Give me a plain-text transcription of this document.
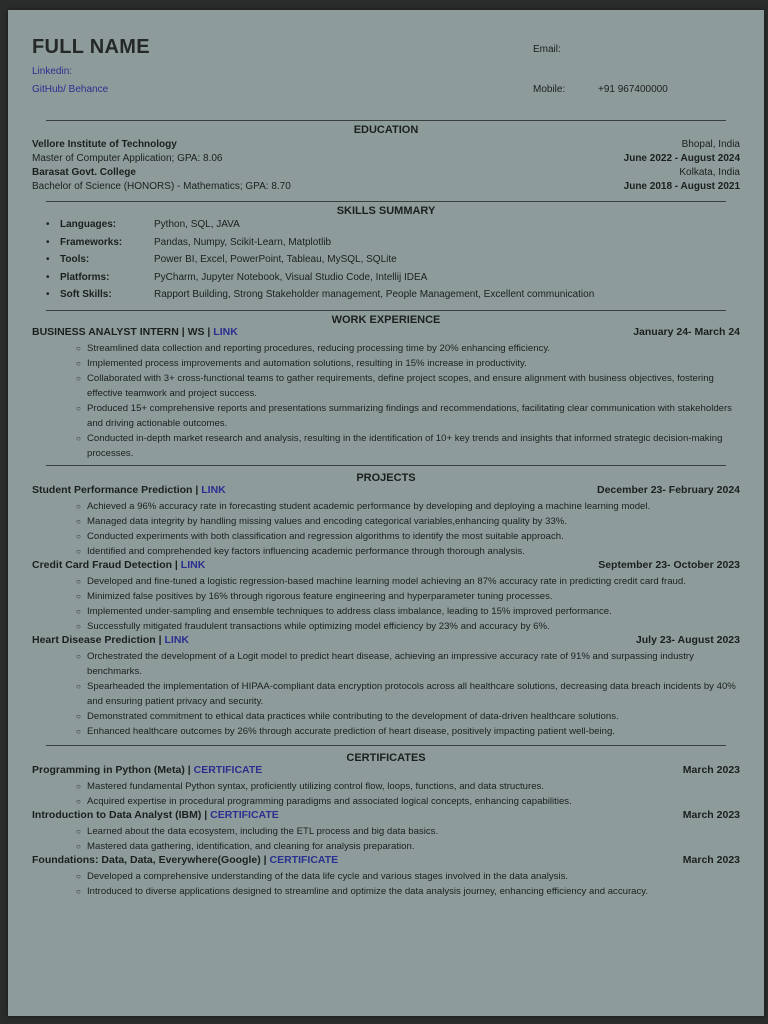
FULL NAME
Linkedin:
GitHub/ Behance
Email:
Mobile:	+91 967400000
EDUCATION
Vellore Institute of Technology	Bhopal, India
Master of Computer Application; GPA: 8.06	June 2022 - August 2024
Barasat Govt. College	Kolkata, India
Bachelor of Science (HONORS) - Mathematics; GPA: 8.70	June 2018 - August 2021
SKILLS SUMMARY
• Languages:	Python, SQL, JAVA
• Frameworks:	Pandas, Numpy, Scikit-Learn, Matplotlib
• Tools:	Power BI, Excel, PowerPoint, Tableau, MySQL, SQLite
• Platforms:	PyCharm, Jupyter Notebook, Visual Studio Code, Intellij IDEA
• Soft Skills:	Rapport Building, Strong Stakeholder management, People Management, Excellent communication
WORK EXPERIENCE
BUSINESS ANALYST INTERN | WS | LINK	January 24- March 24
○ Streamlined data collection and reporting procedures, reducing processing time by 20% enhancing efficiency.
○ Implemented process improvements and automation solutions, resulting in 15% increase in productivity.
○ Collaborated with 3+ cross-functional teams to gather requirements, define project scopes, and ensure alignment with business objectives, fostering effective teamwork and project success.
○ Produced 15+ comprehensive reports and presentations summarizing findings and recommendations, facilitating clear communication with stakeholders and driving actionable outcomes.
○ Conducted in-depth market research and analysis, resulting in the identification of 10+ key trends and insights that informed strategic decision-making processes.
PROJECTS
Student Performance Prediction | LINK	December 23- February 2024
○ Achieved a 96% accuracy rate in forecasting student academic performance by developing and deploying a machine learning model.
○ Managed data integrity by handling missing values and encoding categorical variables,enhancing quality by 33%.
○ Conducted experiments with both classification and regression algorithms to identify the most suitable approach.
○ Identified and comprehended key factors influencing academic performance through thorough analysis.
Credit Card Fraud Detection | LINK	September 23- October 2023
○ Developed and fine-tuned a logistic regression-based machine learning model achieving an 87% accuracy rate in predicting credit card fraud.
○ Minimized false positives by 16% through rigorous feature engineering and hyperparameter tuning processes.
○ Implemented under-sampling and ensemble techniques to address class imbalance, leading to 15% improved performance.
○ Successfully mitigated fraudulent transactions while optimizing model efficiency by 23% and accuracy by 6%.
Heart Disease Prediction | LINK	July 23- August 2023
○ Orchestrated the development of a Logit model to predict heart disease, achieving an impressive accuracy rate of 91% and surpassing industry benchmarks.
○ Spearheaded the implementation of HIPAA-compliant data encryption protocols across all healthcare solutions, decreasing data breach incidents by 40% and ensuring patient privacy and security.
○ Demonstrated commitment to ethical data practices while contributing to the development of data-driven healthcare solutions.
○ Enhanced healthcare outcomes by 26% through accurate prediction of heart disease, positively impacting patient well-being.
CERTIFICATES
Programming in Python (Meta) | CERTIFICATE	March 2023
○ Mastered fundamental Python syntax, proficiently utilizing control flow, loops, functions, and data structures.
○ Acquired expertise in procedural programming paradigms and associated logical concepts, enhancing capabilities.
Introduction to Data Analyst (IBM) | CERTIFICATE	March 2023
○ Learned about the data ecosystem, including the ETL process and big data basics.
○ Mastered data gathering, identification, and cleaning for analysis preparation.
Foundations: Data, Data, Everywhere(Google) | CERTIFICATE	March 2023
○ Developed a comprehensive understanding of the data life cycle and various stages involved in the data analysis.
○ Introduced to diverse applications designed to streamline and optimize the data analysis journey, enhancing efficiency and accuracy.
